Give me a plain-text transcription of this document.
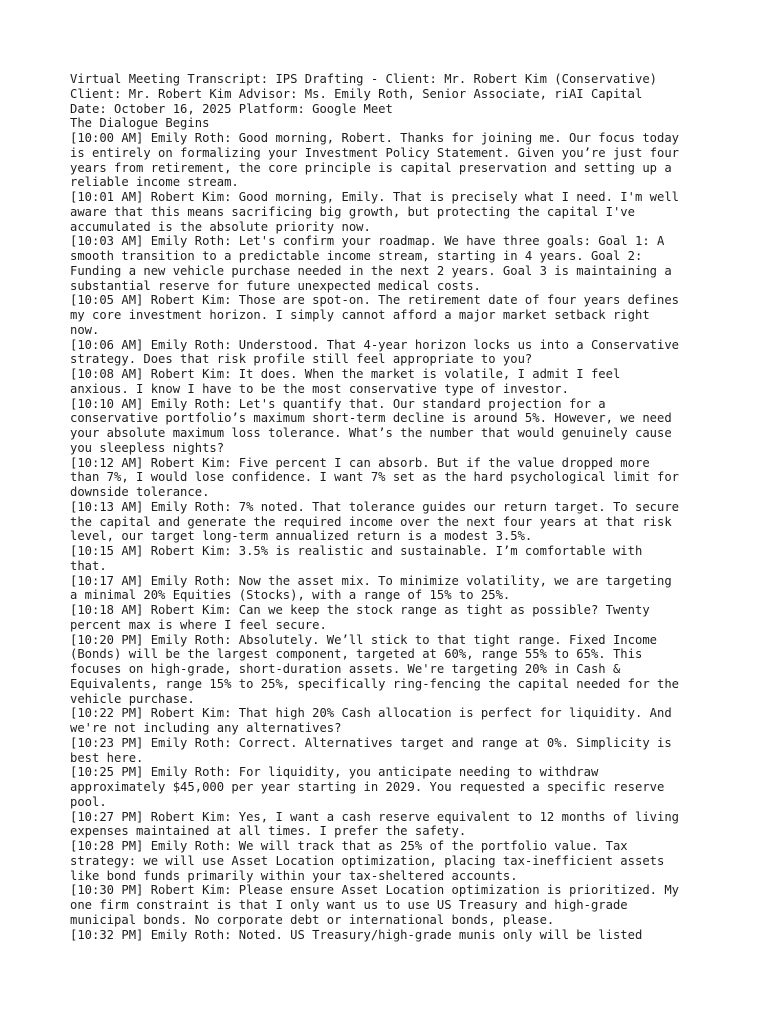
Virtual Meeting Transcript: IPS Drafting - Client: Mr. Robert Kim (Conservative)
Client: Mr. Robert Kim Advisor: Ms. Emily Roth, Senior Associate, riAI Capital
Date: October 16, 2025 Platform: Google Meet
The Dialogue Begins
[10:00 AM] Emily Roth: Good morning, Robert. Thanks for joining me. Our focus today
is entirely on formalizing your Investment Policy Statement. Given you’re just four
years from retirement, the core principle is capital preservation and setting up a
reliable income stream.
[10:01 AM] Robert Kim: Good morning, Emily. That is precisely what I need. I'm well
aware that this means sacrificing big growth, but protecting the capital I've
accumulated is the absolute priority now.
[10:03 AM] Emily Roth: Let's confirm your roadmap. We have three goals: Goal 1: A
smooth transition to a predictable income stream, starting in 4 years. Goal 2:
Funding a new vehicle purchase needed in the next 2 years. Goal 3 is maintaining a
substantial reserve for future unexpected medical costs.
[10:05 AM] Robert Kim: Those are spot-on. The retirement date of four years defines
my core investment horizon. I simply cannot afford a major market setback right
now.
[10:06 AM] Emily Roth: Understood. That 4-year horizon locks us into a Conservative
strategy. Does that risk profile still feel appropriate to you?
[10:08 AM] Robert Kim: It does. When the market is volatile, I admit I feel
anxious. I know I have to be the most conservative type of investor.
[10:10 AM] Emily Roth: Let's quantify that. Our standard projection for a
conservative portfolio’s maximum short-term decline is around 5%. However, we need
your absolute maximum loss tolerance. What’s the number that would genuinely cause
you sleepless nights?
[10:12 AM] Robert Kim: Five percent I can absorb. But if the value dropped more
than 7%, I would lose confidence. I want 7% set as the hard psychological limit for
downside tolerance.
[10:13 AM] Emily Roth: 7% noted. That tolerance guides our return target. To secure
the capital and generate the required income over the next four years at that risk
level, our target long-term annualized return is a modest 3.5%.
[10:15 AM] Robert Kim: 3.5% is realistic and sustainable. I’m comfortable with
that.
[10:17 AM] Emily Roth: Now the asset mix. To minimize volatility, we are targeting
a minimal 20% Equities (Stocks), with a range of 15% to 25%.
[10:18 AM] Robert Kim: Can we keep the stock range as tight as possible? Twenty
percent max is where I feel secure.
[10:20 PM] Emily Roth: Absolutely. We’ll stick to that tight range. Fixed Income
(Bonds) will be the largest component, targeted at 60%, range 55% to 65%. This
focuses on high-grade, short-duration assets. We're targeting 20% in Cash &
Equivalents, range 15% to 25%, specifically ring-fencing the capital needed for the
vehicle purchase.
[10:22 PM] Robert Kim: That high 20% Cash allocation is perfect for liquidity. And
we're not including any alternatives?
[10:23 PM] Emily Roth: Correct. Alternatives target and range at 0%. Simplicity is
best here.
[10:25 PM] Emily Roth: For liquidity, you anticipate needing to withdraw
approximately $45,000 per year starting in 2029. You requested a specific reserve
pool.
[10:27 PM] Robert Kim: Yes, I want a cash reserve equivalent to 12 months of living
expenses maintained at all times. I prefer the safety.
[10:28 PM] Emily Roth: We will track that as 25% of the portfolio value. Tax
strategy: we will use Asset Location optimization, placing tax-inefficient assets
like bond funds primarily within your tax-sheltered accounts.
[10:30 PM] Robert Kim: Please ensure Asset Location optimization is prioritized. My
one firm constraint is that I only want us to use US Treasury and high-grade
municipal bonds. No corporate debt or international bonds, please.
[10:32 PM] Emily Roth: Noted. US Treasury/high-grade munis only will be listed
